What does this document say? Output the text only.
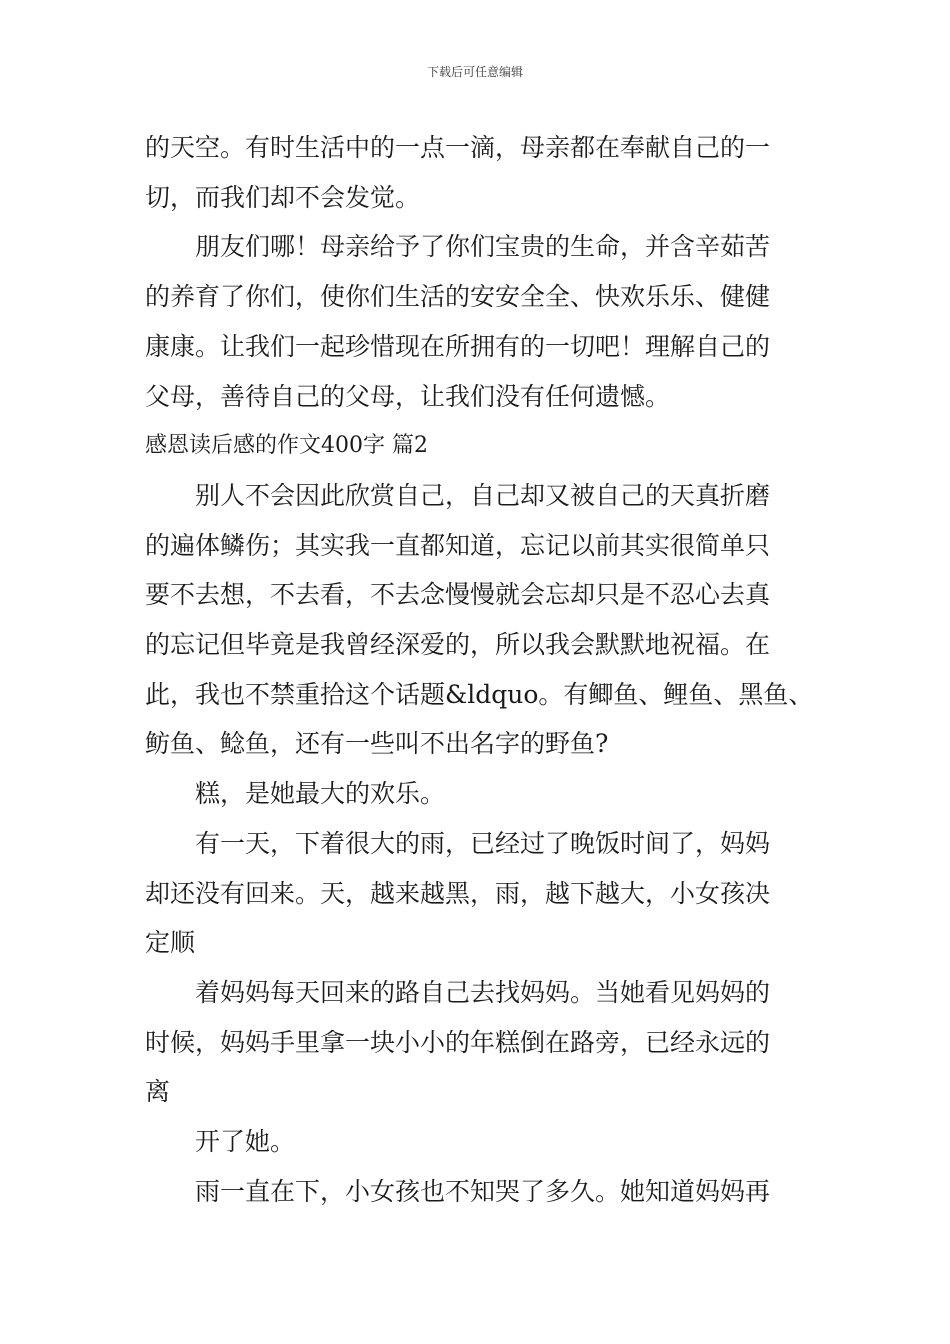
下载后可任意编辑
的天空。有时生活中的一点一滴，母亲都在奉献自己的一
切，而我们却不会发觉。
朋友们哪！母亲给予了你们宝贵的生命，并含辛茹苦
的养育了你们，使你们生活的安安全全、快欢乐乐、健健
康康。让我们一起珍惜现在所拥有的一切吧！理解自己的
父母，善待自己的父母，让我们没有任何遗憾。
感恩读后感的作文400字 篇2
别人不会因此欣赏自己，自己却又被自己的天真折磨
的遍体鳞伤；其实我一直都知道，忘记以前其实很简单只
要不去想，不去看，不去念慢慢就会忘却只是不忍心去真
的忘记但毕竟是我曾经深爱的，所以我会默默地祝福。在
此，我也不禁重拾这个话题&ldquo。有鲫鱼、鲤鱼、黑鱼、
鲂鱼、鲶鱼，还有一些叫不出名字的野鱼?
糕，是她最大的欢乐。
有一天，下着很大的雨，已经过了晚饭时间了，妈妈
却还没有回来。天，越来越黑，雨，越下越大，小女孩决
定顺
着妈妈每天回来的路自己去找妈妈。当她看见妈妈的
时候，妈妈手里拿一块小小的年糕倒在路旁，已经永远的
离
开了她。
雨一直在下，小女孩也不知哭了多久。她知道妈妈再
